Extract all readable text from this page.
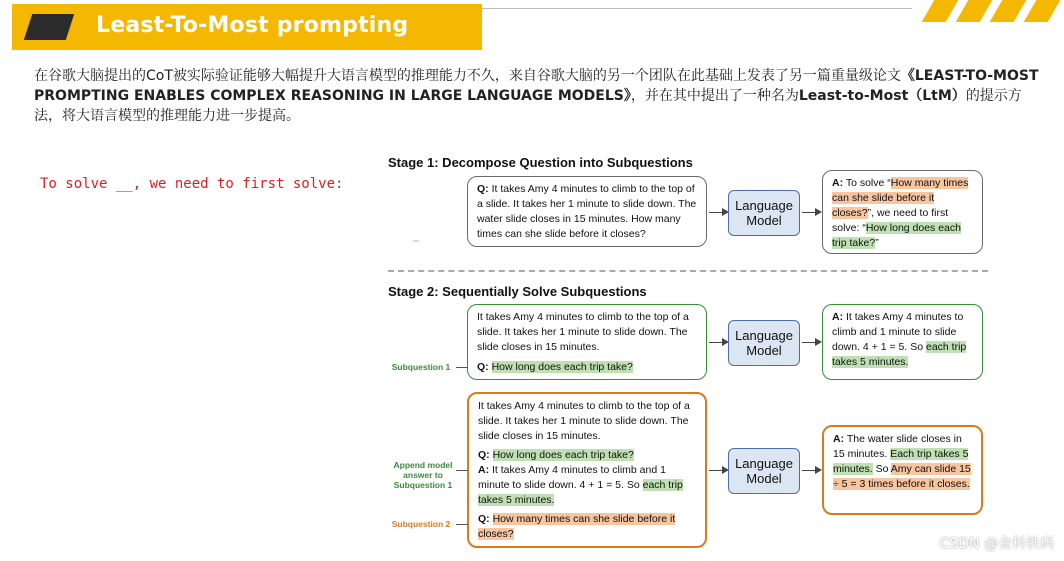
Least-To-Most prompting
在谷歌大脑提出的CoT被实际验证能够大幅提升大语言模型的推理能力不久，来自谷歌大脑的另一个团队在此基础上发表了另一篇重量级论文《LEAST-TO-MOST PROMPTING ENABLES COMPLEX REASONING IN LARGE LANGUAGE MODELS》，并在其中提出了一种名为Least-to-Most（LtM）的提示方法，将大语言模型的推理能力进一步提高。
To solve __, we need to first solve:
Stage 1: Decompose Question into Subquestions
Q: It takes Amy 4 minutes to climb to the top of a slide. It takes her 1 minute to slide down. The water slide closes in 15 minutes. How many times can she slide before it closes?
Language Model
A: To solve “How many times can she slide before it closes?”, we need to first solve: “How long does each trip take?”
Stage 2: Sequentially Solve Subquestions
It takes Amy 4 minutes to climb to the top of a slide. It takes her 1 minute to slide down. The slide closes in 15 minutes.
Q: How long does each trip take?
Subquestion 1
Language Model
A: It takes Amy 4 minutes to climb and 1 minute to slide down. 4 + 1 = 5. So each trip takes 5 minutes.
It takes Amy 4 minutes to climb to the top of a slide. It takes her 1 minute to slide down. The slide closes in 15 minutes.
Q: How long does each trip take?
A: It takes Amy 4 minutes to climb and 1 minute to slide down. 4 + 1 = 5. So each trip takes 5 minutes.
Q: How many times can she slide before it closes?
Append model answer to Subquestion 1
Subquestion 2
Language Model
A: The water slide closes in 15 minutes. Each trip takes 5 minutes. So Amy can slide 15 ÷ 5 = 3 times before it closes.
CSDN @金科铁码
